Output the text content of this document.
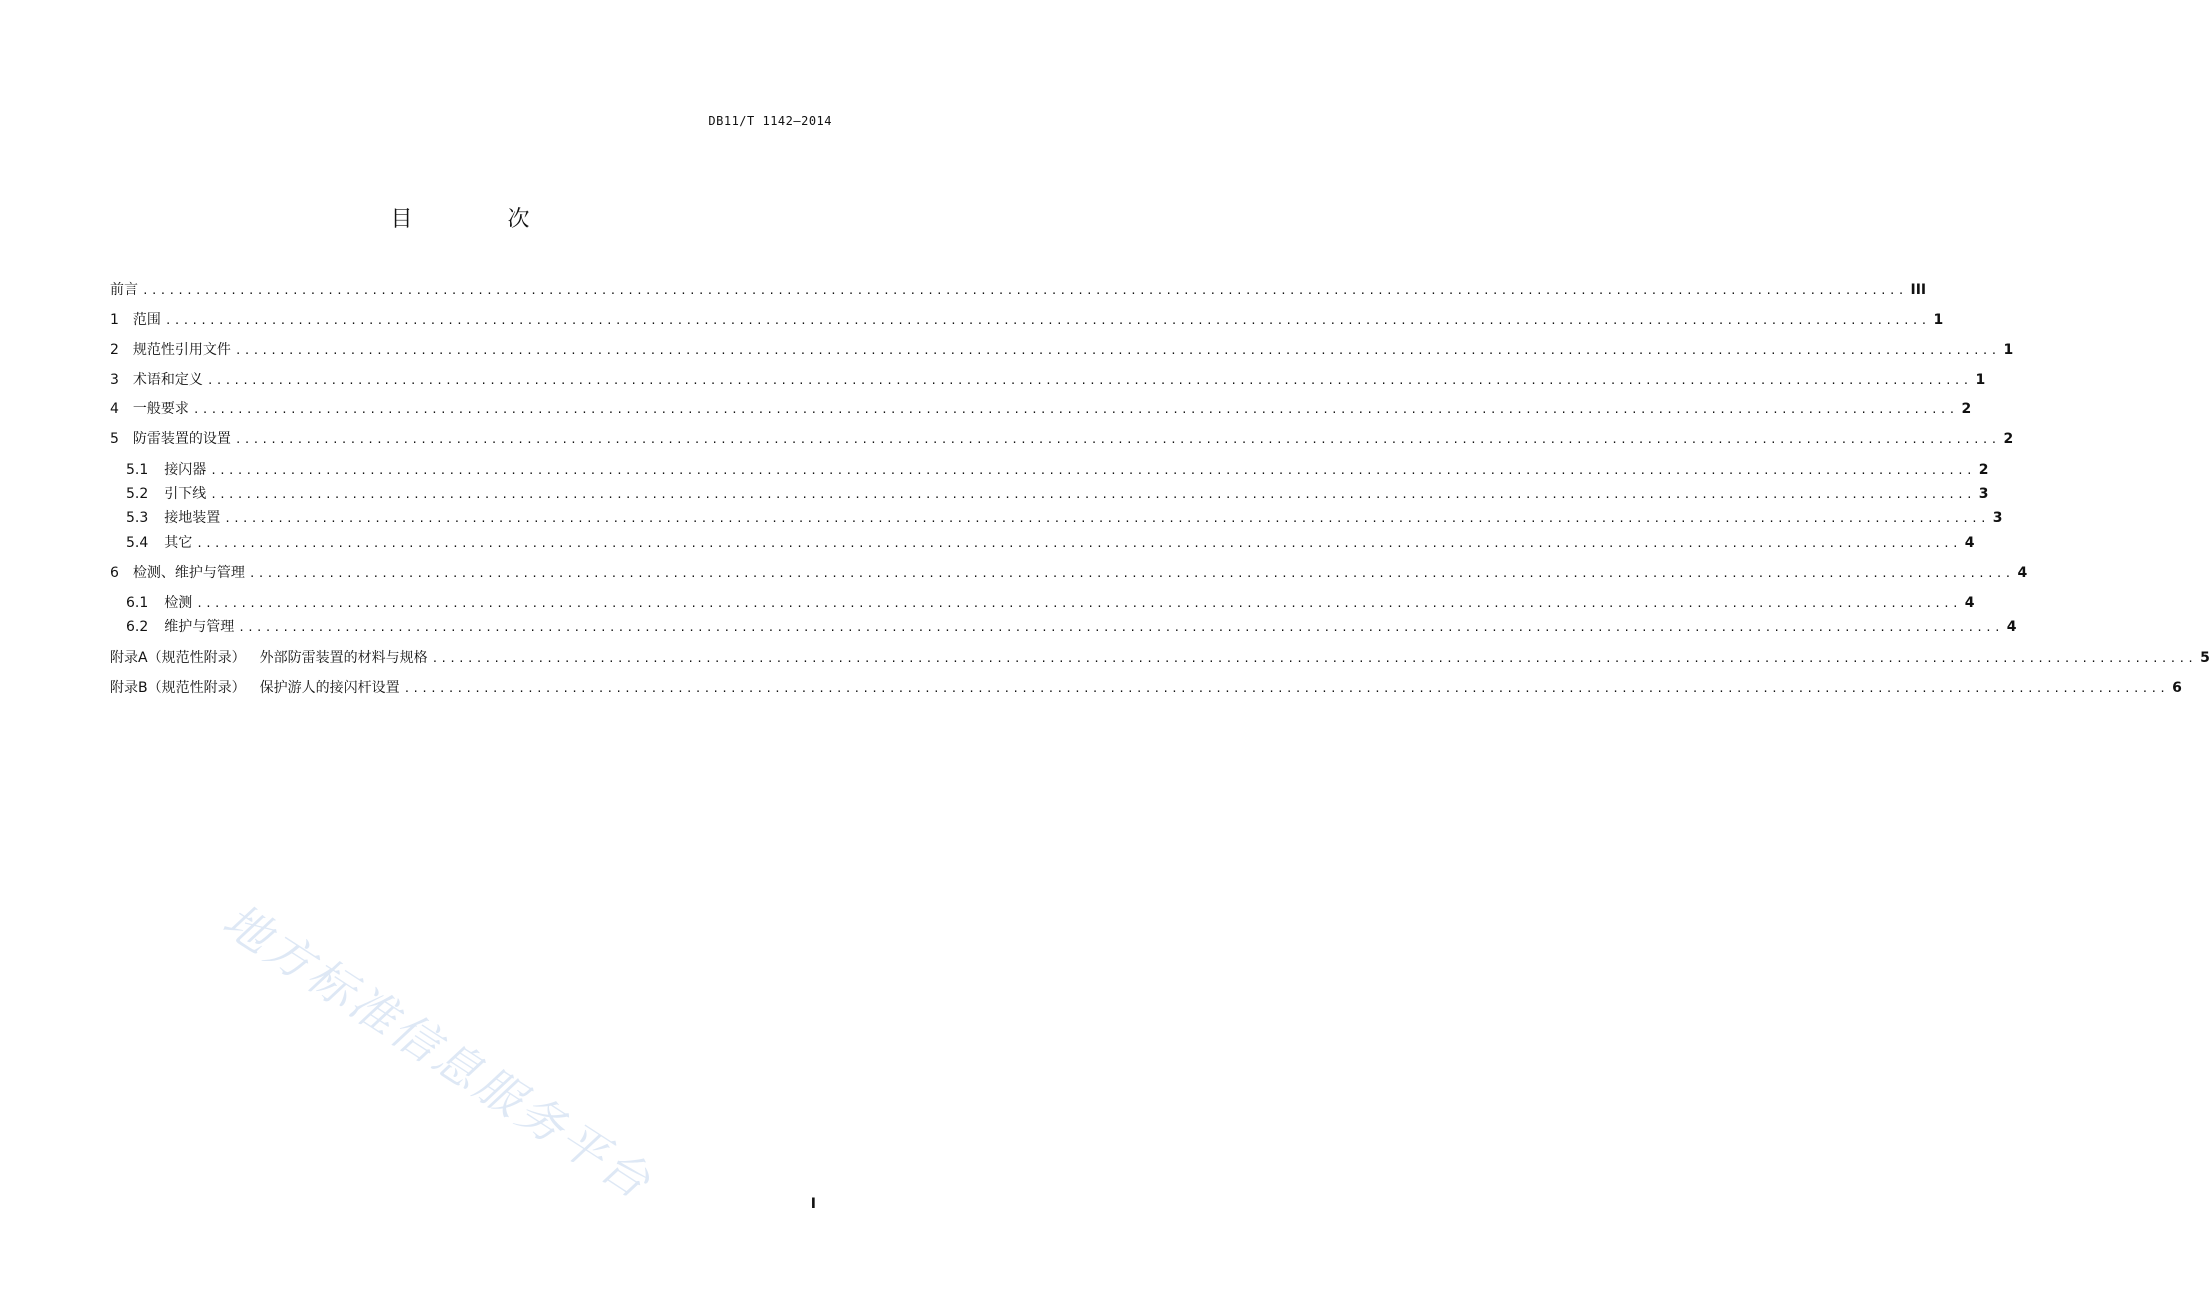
DB11/T 1142—2014
目 次
前言 ........................................................................................................................................................................................................ III
1 范围 ........................................................................................................................................................................................................ 1
2 规范性引用文件 ........................................................................................................................................................................................................ 1
3 术语和定义 ........................................................................................................................................................................................................ 1
4 一般要求 ........................................................................................................................................................................................................ 2
5 防雷装置的设置 ........................................................................................................................................................................................................ 2
5.1 接闪器 ........................................................................................................................................................................................................ 2
5.2 引下线 ........................................................................................................................................................................................................ 3
5.3 接地装置 ........................................................................................................................................................................................................ 3
5.4 其它 ........................................................................................................................................................................................................ 4
6 检测、维护与管理 ........................................................................................................................................................................................................ 4
6.1 检测 ........................................................................................................................................................................................................ 4
6.2 维护与管理 ........................................................................................................................................................................................................ 4
附录A（规范性附录） 外部防雷装置的材料与规格 ........................................................................................................................................................................................................ 5
附录B（规范性附录） 保护游人的接闪杆设置 ........................................................................................................................................................................................................ 6
地方标准信息服务平台	I
